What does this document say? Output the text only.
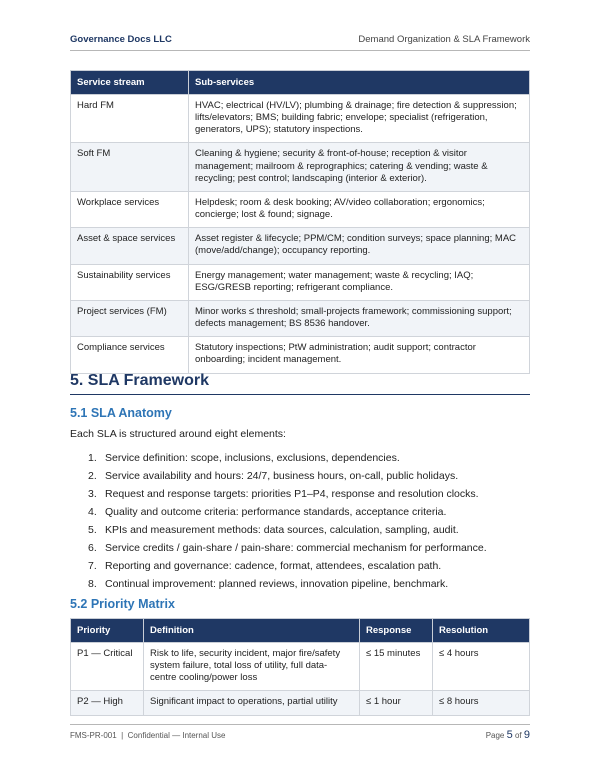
Governance Docs LLC	Demand Organization & SLA Framework
Service stream	Sub-services
Hard FM	HVAC; electrical (HV/LV); plumbing & drainage; fire detection & suppression; lifts/elevators; BMS; building fabric; envelope; specialist (refrigeration, generators, UPS); statutory inspections.
Soft FM	Cleaning & hygiene; security & front-of-house; reception & visitor management; mailroom & reprographics; catering & vending; waste & recycling; pest control; landscaping (interior & exterior).
Workplace services	Helpdesk; room & desk booking; AV/video collaboration; ergonomics; concierge; lost & found; signage.
Asset & space services	Asset register & lifecycle; PPM/CM; condition surveys; space planning; MAC (move/add/change); occupancy reporting.
Sustainability services	Energy management; water management; waste & recycling; IAQ; ESG/GRESB reporting; refrigerant compliance.
Project services (FM)	Minor works ≤ threshold; small-projects framework; commissioning support; defects management; BS 8536 handover.
Compliance services	Statutory inspections; PtW administration; audit support; contractor onboarding; incident management.
5. SLA Framework
5.1 SLA Anatomy
Each SLA is structured around eight elements:
1. Service definition: scope, inclusions, exclusions, dependencies.
2. Service availability and hours: 24/7, business hours, on-call, public holidays.
3. Request and response targets: priorities P1–P4, response and resolution clocks.
4. Quality and outcome criteria: performance standards, acceptance criteria.
5. KPIs and measurement methods: data sources, calculation, sampling, audit.
6. Service credits / gain-share / pain-share: commercial mechanism for performance.
7. Reporting and governance: cadence, format, attendees, escalation path.
8. Continual improvement: planned reviews, innovation pipeline, benchmark.
5.2 Priority Matrix
Priority	Definition	Response	Resolution
P1 — Critical	Risk to life, security incident, major fire/safety system failure, total loss of utility, full data-centre cooling/power loss	≤ 15 minutes	≤ 4 hours
P2 — High	Significant impact to operations, partial utility	≤ 1 hour	≤ 8 hours
FMS-PR-001  |  Confidential — Internal Use	Page 5 of 9
